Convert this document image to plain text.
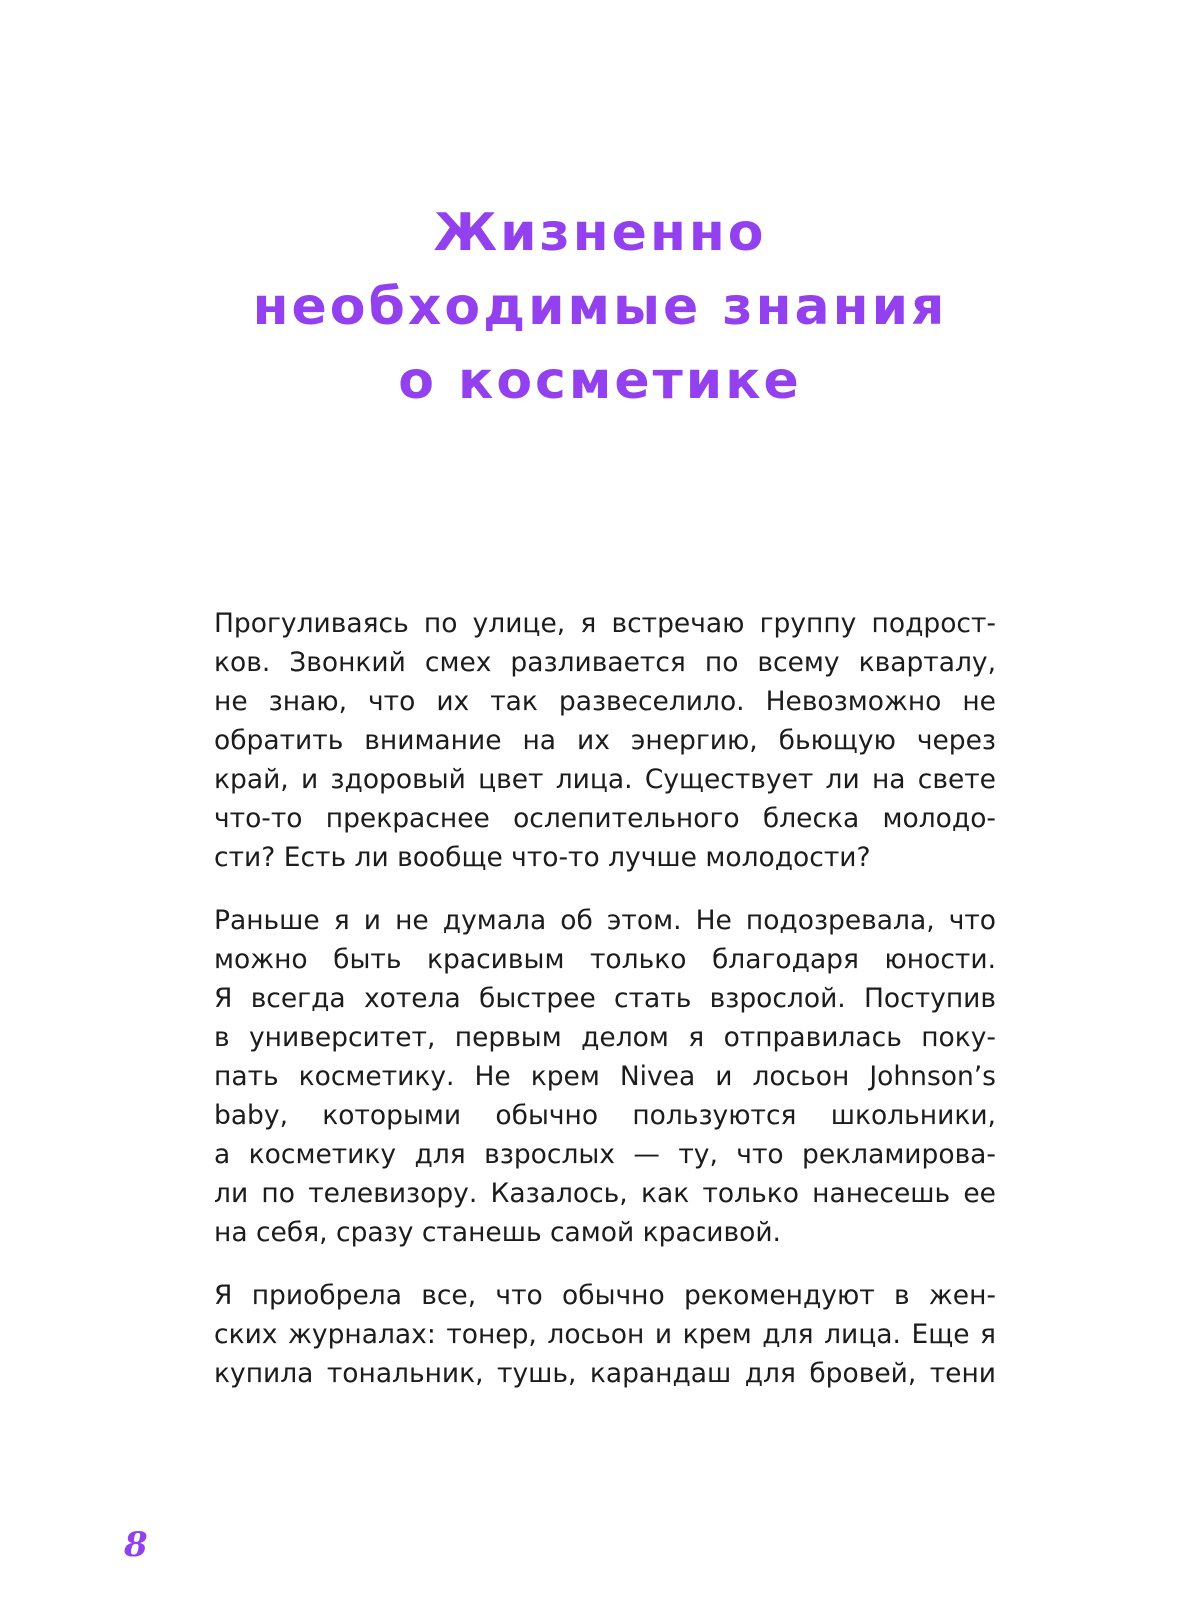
Жизненно
необходимые знания
о косметике

Прогуливаясь по улице, я встречаю группу подрост-
ков. Звонкий смех разливается по всему кварталу,
не знаю, что их так развеселило. Невозможно не
обратить внимание на их энергию, бьющую через
край, и здоровый цвет лица. Существует ли на свете
что-то прекраснее ослепительного блеска молодо-
сти? Есть ли вообще что-то лучше молодости?

Раньше я и не думала об этом. Не подозревала, что
можно быть красивым только благодаря юности.
Я всегда хотела быстрее стать взрослой. Поступив
в университет, первым делом я отправилась поку-
пать косметику. Не крем Nivea и лосьон Johnson’s
baby, которыми обычно пользуются школьники,
а косметику для взрослых — ту, что рекламирова-
ли по телевизору. Казалось, как только нанесешь ее
на себя, сразу станешь самой красивой.

Я приобрела все, что обычно рекомендуют в жен-
ских журналах: тонер, лосьон и крем для лица. Еще я
купила тональник, тушь, карандаш для бровей, тени

8
